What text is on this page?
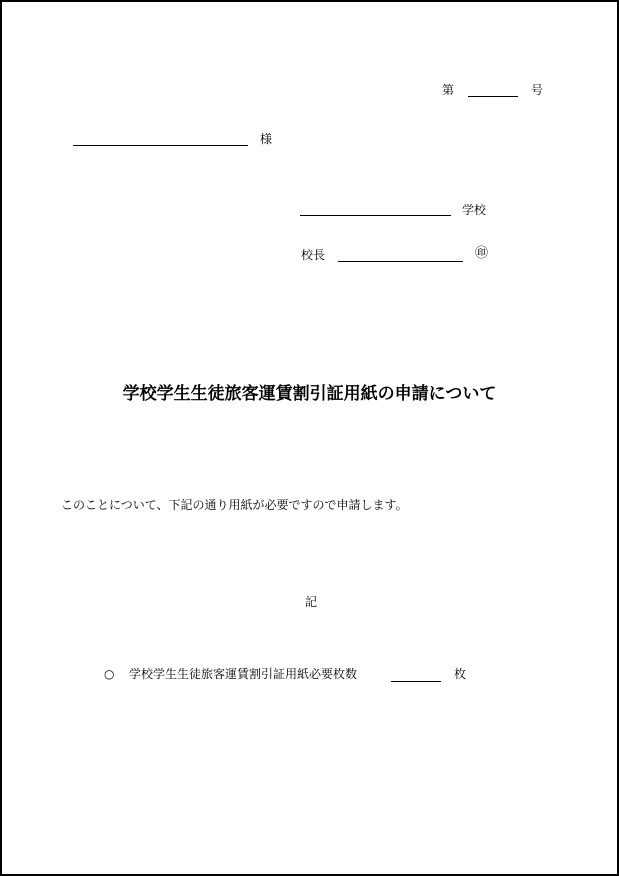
第	号
様
学校
校長	㊞
学校学生生徒旅客運賃割引証用紙の申請について
このことについて、下記の通り用紙が必要ですので申請します。
記
○ 学校学生生徒旅客運賃割引証用紙必要枚数	枚
